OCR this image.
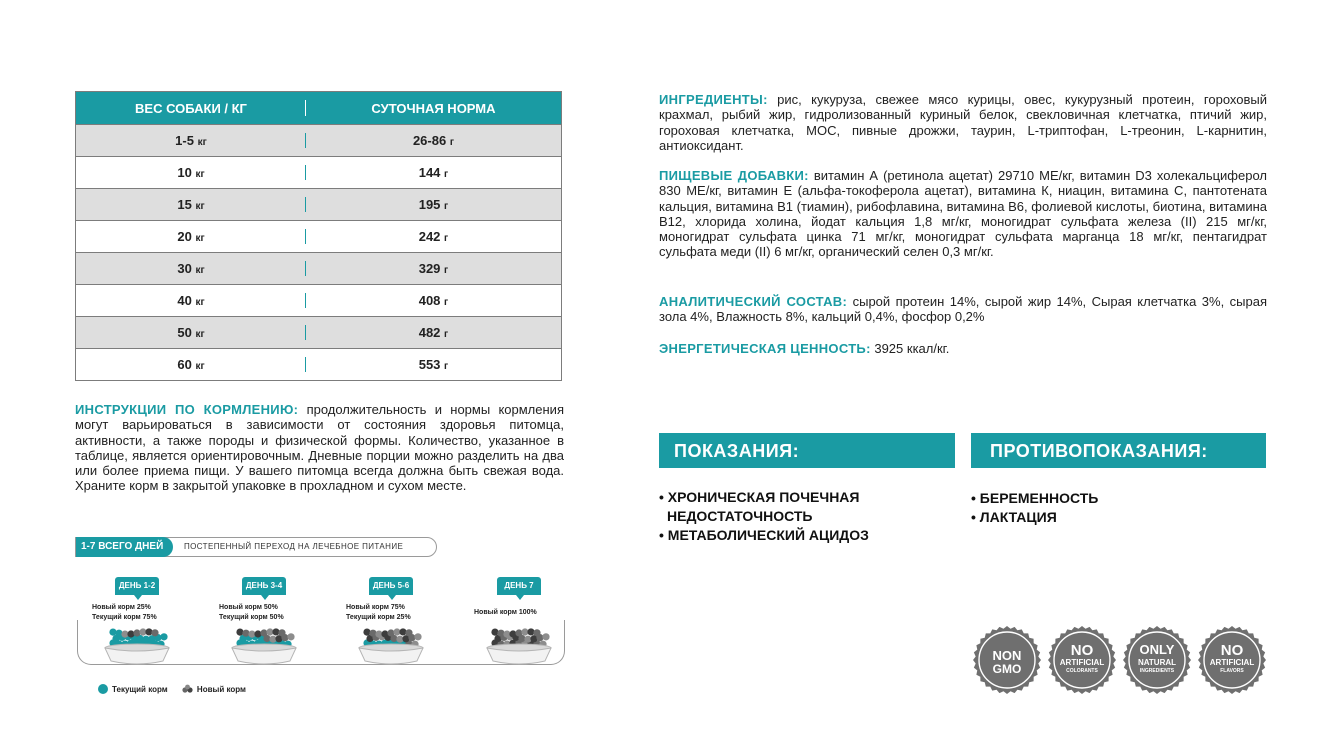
ВЕС СОБАКИ / КГ	СУТОЧНАЯ НОРМА
1-5 кг	26-86 г
10 кг	144 г
15 кг	195 г
20 кг	242 г
30 кг	329 г
40 кг	408 г
50 кг	482 г
60 кг	553 г

ИНСТРУКЦИИ ПО КОРМЛЕНИЮ: продолжительность и нормы кормления могут варьироваться в зависимости от состояния здоровья питомца, активности, а также породы и физической формы. Количество, указанное в таблице, является ориентировочным. Дневные порции можно разделить на два или более приема пищи. У вашего питомца всегда должна быть свежая вода. Храните корм в закрытой упаковке в прохладном и сухом месте.

1-7 ВСЕГО ДНЕЙ	ПОСТЕПЕННЫЙ ПЕРЕХОД НА ЛЕЧЕБНОЕ ПИТАНИЕ
ДЕНЬ 1-2
Новый корм 25%
Текущий корм 75%
ДЕНЬ 3-4
Новый корм 50%
Текущий корм 50%
ДЕНЬ 5-6
Новый корм 75%
Текущий корм 25%
ДЕНЬ 7
Новый корм 100%
Текущий корм
	Новый корм

ИНГРЕДИЕНТЫ: рис, кукуруза, свежее мясо курицы, овес, кукурузный протеин, гороховый крахмал, рыбий жир, гидролизованный куриный белок, свекловичная клетчатка, птичий жир, гороховая клетчатка, МОС, пивные дрожжи, таурин, L-триптофан, L-треонин, L-карнитин, антиоксидант.

ПИЩЕВЫЕ ДОБАВКИ: витамин А (ретинола ацетат) 29710 МЕ/кг, витамин D3 холекальциферол 830 МЕ/кг, витамин Е (альфа-токоферола ацетат), витамина К, ниацин, витамина С, пантотената кальция, витамина В1 (тиамин), рибофлавина, витамина В6, фолиевой кислоты, биотина, витамина В12, хлорида холина, йодат кальция 1,8 мг/кг, моногидрат сульфата железа (II) 215 мг/кг, моногидрат сульфата цинка 71 мг/кг, моногидрат сульфата марганца 18 мг/кг, пентагидрат сульфата меди (II) 6 мг/кг, органический селен 0,3 мг/кг.

АНАЛИТИЧЕСКИЙ СОСТАВ: сырой протеин 14%, сырой жир 14%, Сырая клетчатка 3%, сырая зола 4%, Влажность 8%, кальций 0,4%, фосфор 0,2%

ЭНЕРГЕТИЧЕСКАЯ ЦЕННОСТЬ: 3925 ккал/кг.

ПОКАЗАНИЯ:	ПРОТИВОПОКАЗАНИЯ:
• ХРОНИЧЕСКАЯ ПОЧЕЧНАЯ
НЕДОСТАТОЧНОСТЬ
• МЕТАБОЛИЧЕСКИЙ АЦИДОЗ
• БЕРЕМЕННОСТЬ
• ЛАКТАЦИЯ
NON
GMO
NO
ARTIFICIAL
COLORANTS
ONLY
NATURAL
INGREDIENTS
NO
ARTIFICIAL
FLAVORS
